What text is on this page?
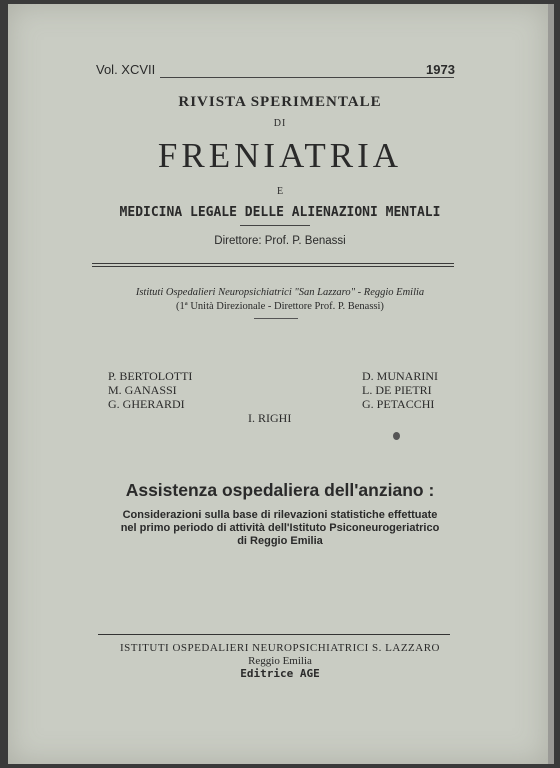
Vol. XCVII	1973
RIVISTA SPERIMENTALE
DI
FRENIATRIA
E
MEDICINA LEGALE DELLE ALIENAZIONI MENTALI
Direttore: Prof. P. Benassi
Istituti Ospedalieri Neuropsichiatrici "San Lazzaro" - Reggio Emilia
(1ª Unità Direzionale - Direttore Prof. P. Benassi)
P. BERTOLOTTI
M. GANASSI
G. GHERARDI
D. MUNARINI
L. DE PIETRI
G. PETACCHI
I. RIGHI
Assistenza ospedaliera dell'anziano :
Considerazioni sulla base di rilevazioni statistiche effettuate
nel primo periodo di attività dell'Istituto Psiconeurogeriatrico
di Reggio Emilia
ISTITUTI OSPEDALIERI NEUROPSICHIATRICI S. LAZZARO
Reggio Emilia
Editrice AGE
